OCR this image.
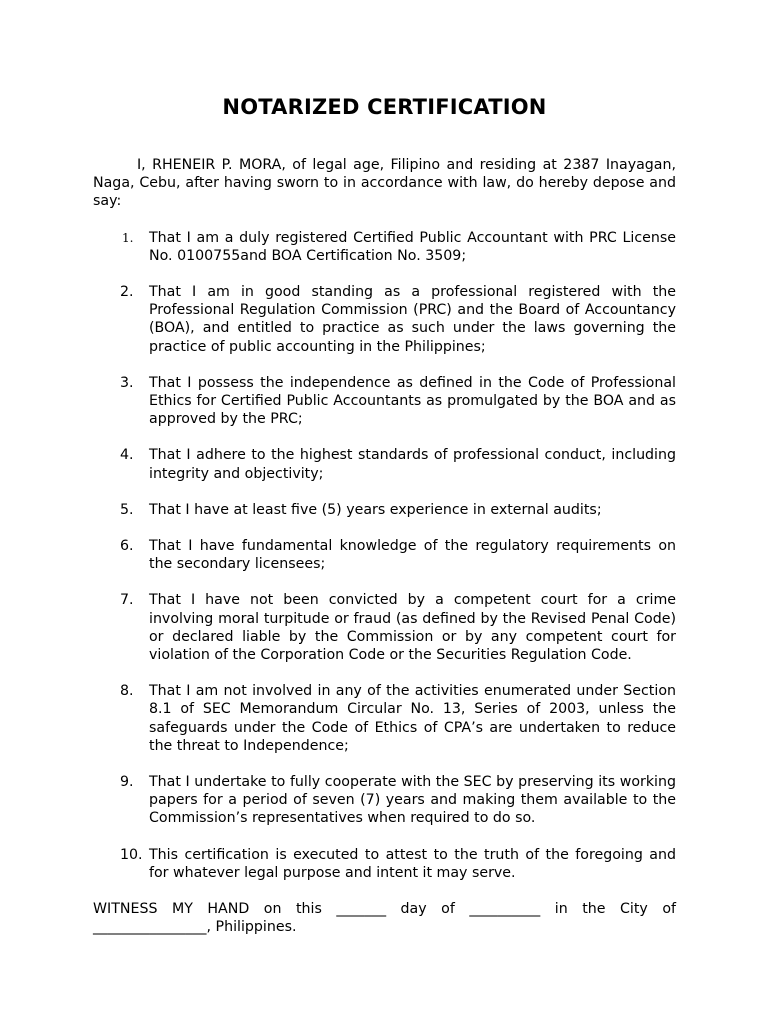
NOTARIZED CERTIFICATION

I, RHENEIR P. MORA, of legal age, Filipino and residing at 2387 Inayagan, Naga, Cebu, after having sworn to in accordance with law, do hereby depose and say:

1. That I am a duly registered Certified Public Accountant with PRC License No. 0100755and BOA Certification No. 3509;
2. That I am in good standing as a professional registered with the Professional Regulation Commission (PRC) and the Board of Accountancy (BOA), and entitled to practice as such under the laws governing the practice of public accounting in the Philippines;
3. That I possess the independence as defined in the Code of Professional Ethics for Certified Public Accountants as promulgated by the BOA and as approved by the PRC;
4. That I adhere to the highest standards of professional conduct, including integrity and objectivity;
5. That I have at least five (5) years experience in external audits;
6. That I have fundamental knowledge of the regulatory requirements on the secondary licensees;
7. That I have not been convicted by a competent court for a crime involving moral turpitude or fraud (as defined by the Revised Penal Code) or declared liable by the Commission or by any competent court for violation of the Corporation Code or the Securities Regulation Code.
8. That I am not involved in any of the activities enumerated under Section 8.1 of SEC Memorandum Circular No. 13, Series of 2003, unless the safeguards under the Code of Ethics of CPA’s are undertaken to reduce the threat to Independence;
9. That I undertake to fully cooperate with the SEC by preserving its working papers for a period of seven (7) years and making them available to the Commission’s representatives when required to do so.
10. This certification is executed to attest to the truth of the foregoing and for whatever legal purpose and intent it may serve.

WITNESS MY HAND on this _______ day of __________ in the City of ________________, Philippines.
